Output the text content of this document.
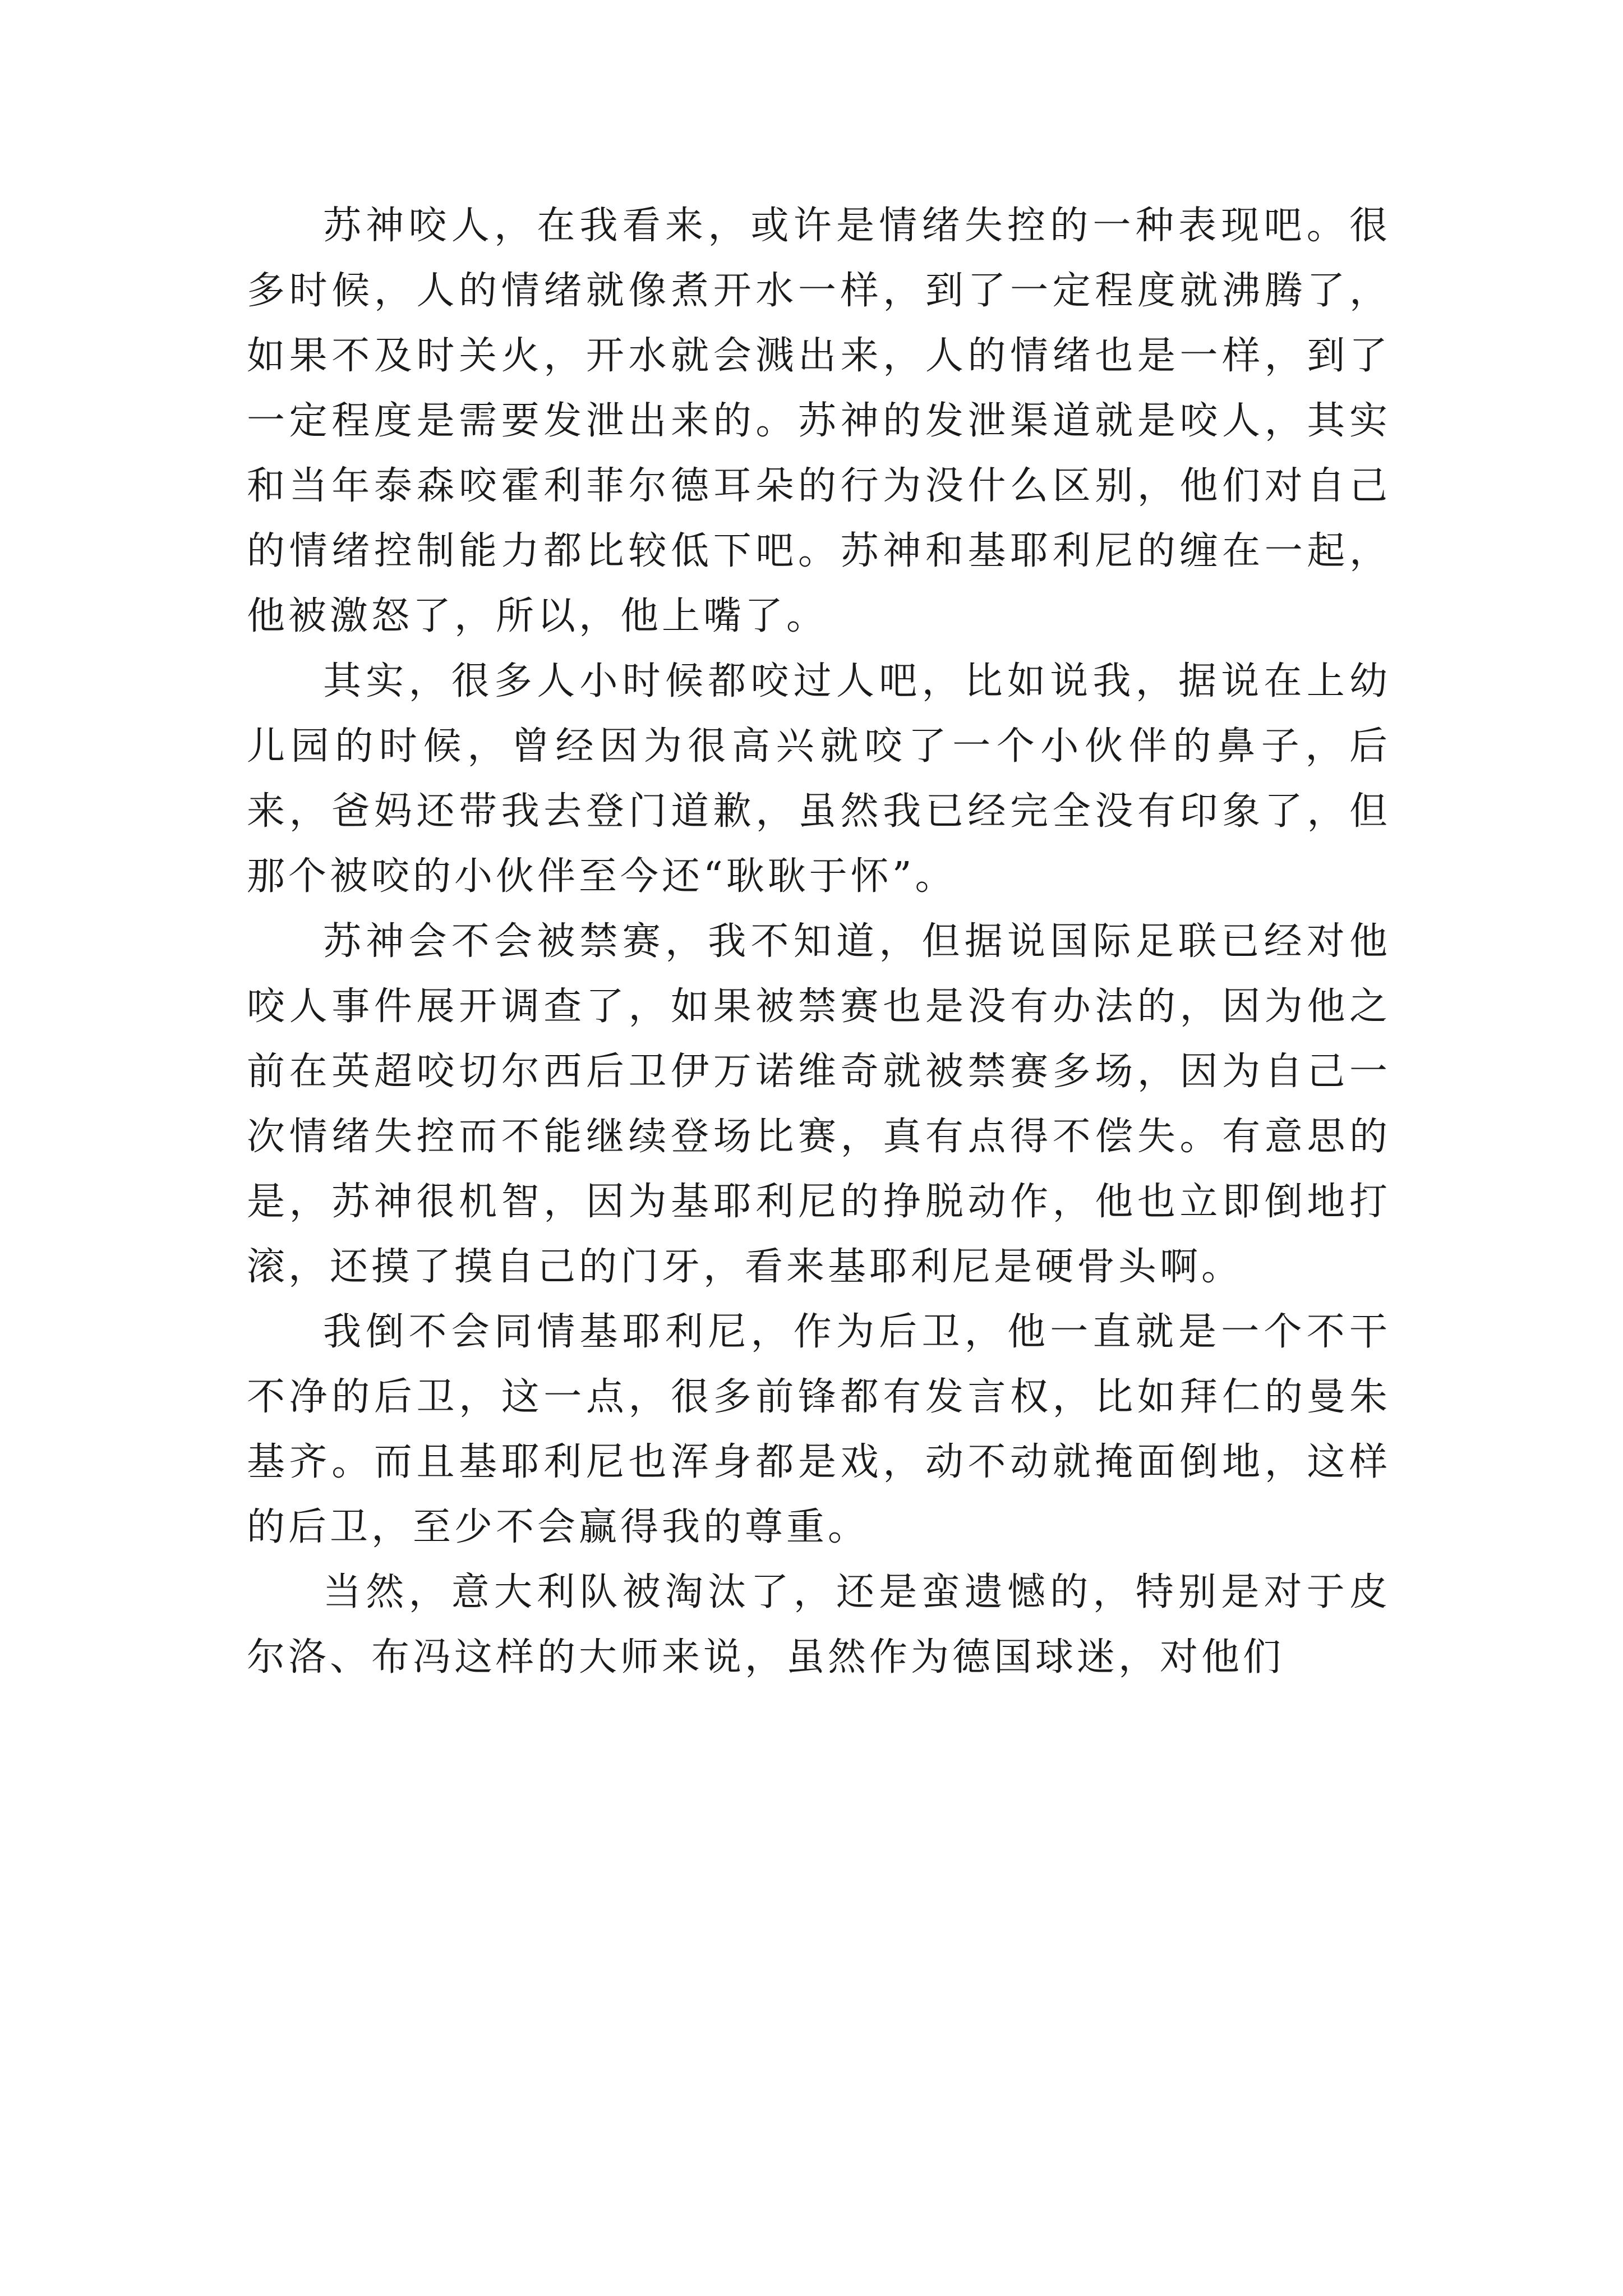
苏神咬人，在我看来，或许是情绪失控的一种表现吧。很多时候，人的情绪就像煮开水一样，到了一定程度就沸腾了，如果不及时关火，开水就会溅出来，人的情绪也是一样，到了一定程度是需要发泄出来的。苏神的发泄渠道就是咬人，其实和当年泰森咬霍利菲尔德耳朵的行为没什么区别，他们对自己的情绪控制能力都比较低下吧。苏神和基耶利尼的缠在一起，他被激怒了，所以，他上嘴了。

其实，很多人小时候都咬过人吧，比如说我，据说在上幼儿园的时候，曾经因为很高兴就咬了一个小伙伴的鼻子，后来，爸妈还带我去登门道歉，虽然我已经完全没有印象了，但那个被咬的小伙伴至今还“耿耿于怀”。

苏神会不会被禁赛，我不知道，但据说国际足联已经对他咬人事件展开调查了，如果被禁赛也是没有办法的，因为他之前在英超咬切尔西后卫伊万诺维奇就被禁赛多场，因为自己一次情绪失控而不能继续登场比赛，真有点得不偿失。有意思的是，苏神很机智，因为基耶利尼的挣脱动作，他也立即倒地打滚，还摸了摸自己的门牙，看来基耶利尼是硬骨头啊。

我倒不会同情基耶利尼，作为后卫，他一直就是一个不干不净的后卫，这一点，很多前锋都有发言权，比如拜仁的曼朱基齐。而且基耶利尼也浑身都是戏，动不动就掩面倒地，这样的后卫，至少不会赢得我的尊重。

当然，意大利队被淘汰了，还是蛮遗憾的，特别是对于皮尔洛、布冯这样的大师来说，虽然作为德国球迷，对他们
